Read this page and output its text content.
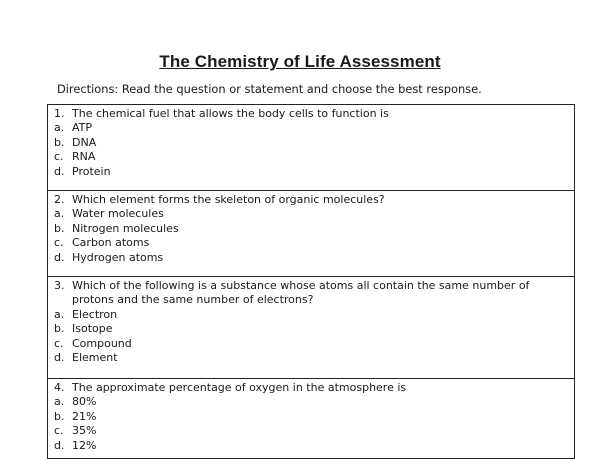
The Chemistry of Life Assessment
Directions: Read the question or statement and choose the best response.
1. The chemical fuel that allows the body cells to function is
a. ATP
b. DNA
c. RNA
d. Protein
2. Which element forms the skeleton of organic molecules?
a. Water molecules
b. Nitrogen molecules
c. Carbon atoms
d. Hydrogen atoms
3. Which of the following is a substance whose atoms all contain the same number of
protons and the same number of electrons?
a. Electron
b. Isotope
c. Compound
d. Element
4. The approximate percentage of oxygen in the atmosphere is
a. 80%
b. 21%
c. 35%
d. 12%
